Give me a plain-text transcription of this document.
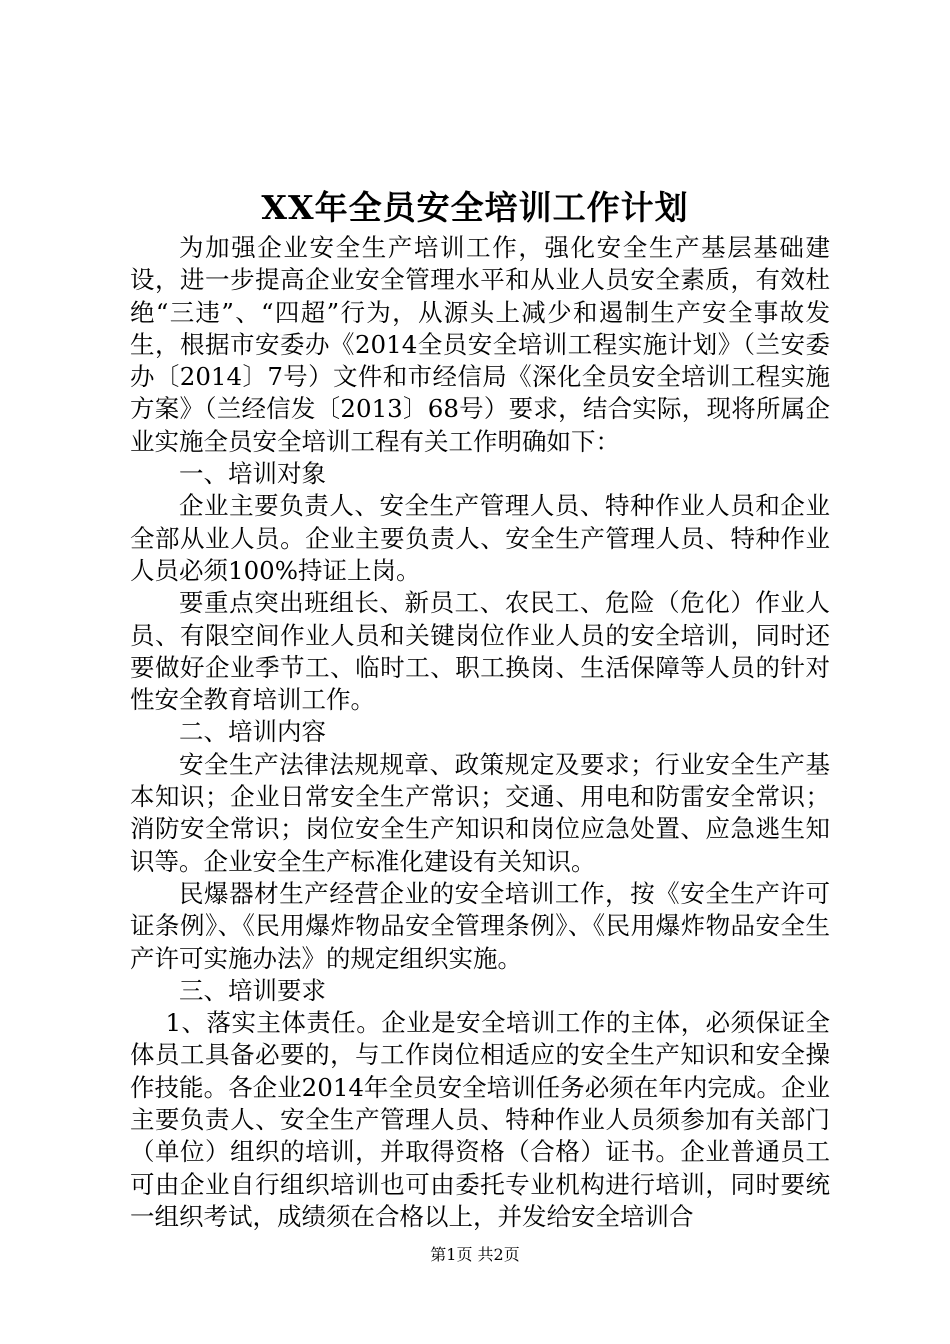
XX年全员安全培训工作计划

为加强企业安全生产培训工作，强化安全生产基层基础建设，进一步提高企业安全管理水平和从业人员安全素质，有效杜绝“三违”、“四超”行为，从源头上减少和遏制生产安全事故发生，根据市安委办《2014全员安全培训工程实施计划》（兰安委办〔2014〕7号）文件和市经信局《深化全员安全培训工程实施方案》（兰经信发〔2013〕68号）要求，结合实际，现将所属企业实施全员安全培训工程有关工作明确如下：

一、培训对象

企业主要负责人、安全生产管理人员、特种作业人员和企业全部从业人员。企业主要负责人、安全生产管理人员、特种作业人员必须100%持证上岗。

要重点突出班组长、新员工、农民工、危险（危化）作业人员、有限空间作业人员和关键岗位作业人员的安全培训，同时还要做好企业季节工、临时工、职工换岗、生活保障等人员的针对性安全教育培训工作。

二、培训内容

安全生产法律法规规章、政策规定及要求；行业安全生产基本知识；企业日常安全生产常识；交通、用电和防雷安全常识；消防安全常识；岗位安全生产知识和岗位应急处置、应急逃生知识等。企业安全生产标准化建设有关知识。

民爆器材生产经营企业的安全培训工作，按《安全生产许可证条例》、《民用爆炸物品安全管理条例》、《民用爆炸物品安全生产许可实施办法》的规定组织实施。

三、培训要求

1、落实主体责任。企业是安全培训工作的主体，必须保证全体员工具备必要的，与工作岗位相适应的安全生产知识和安全操作技能。各企业2014年全员安全培训任务必须在年内完成。企业主要负责人、安全生产管理人员、特种作业人员须参加有关部门（单位）组织的培训，并取得资格（合格）证书。企业普通员工可由企业自行组织培训也可由委托专业机构进行培训，同时要统一组织考试，成绩须在合格以上，并发给安全培训合

第1页 共2页
